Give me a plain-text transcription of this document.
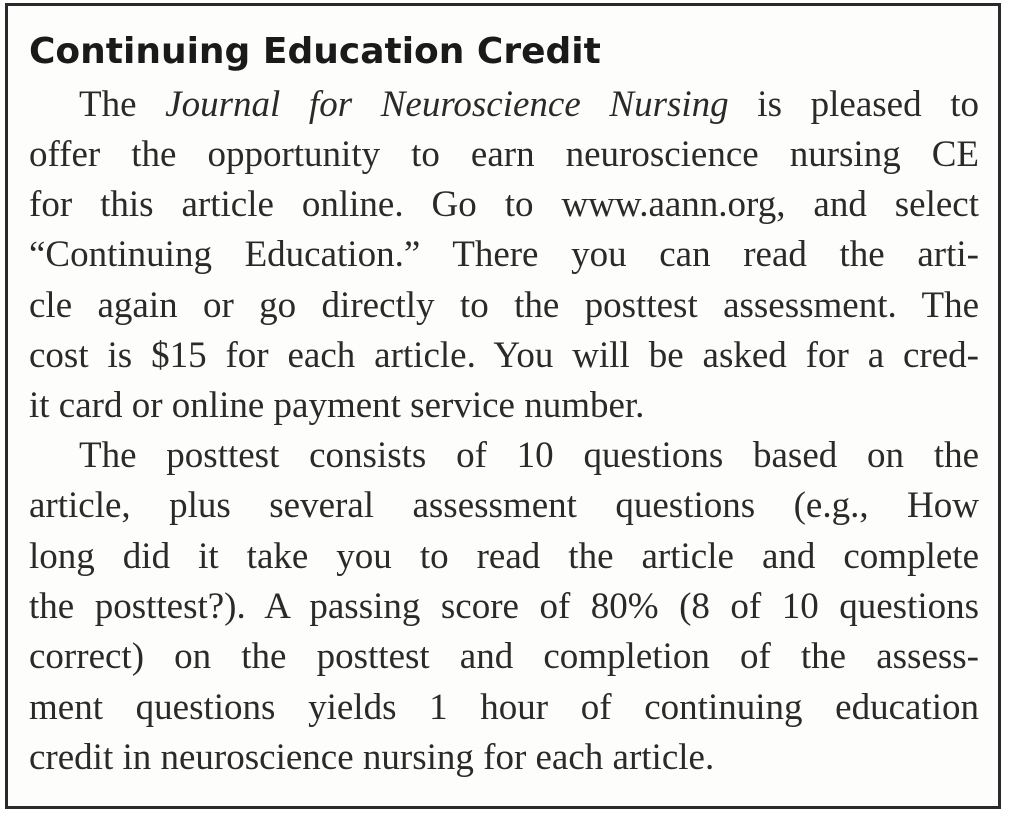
Continuing Education Credit

The Journal for Neuroscience Nursing is pleased to

offer the opportunity to earn neuroscience nursing CE

for this article online. Go to www.aann.org, and select

“Continuing Education.” There you can read the arti-

cle again or go directly to the posttest assessment. The

cost is $15 for each article. You will be asked for a cred-

it card or online payment service number.

The posttest consists of 10 questions based on the

article, plus several assessment questions (e.g., How

long did it take you to read the article and complete

the posttest?). A passing score of 80% (8 of 10 questions

correct) on the posttest and completion of the assess-

ment questions yields 1 hour of continuing education

credit in neuroscience nursing for each article.
